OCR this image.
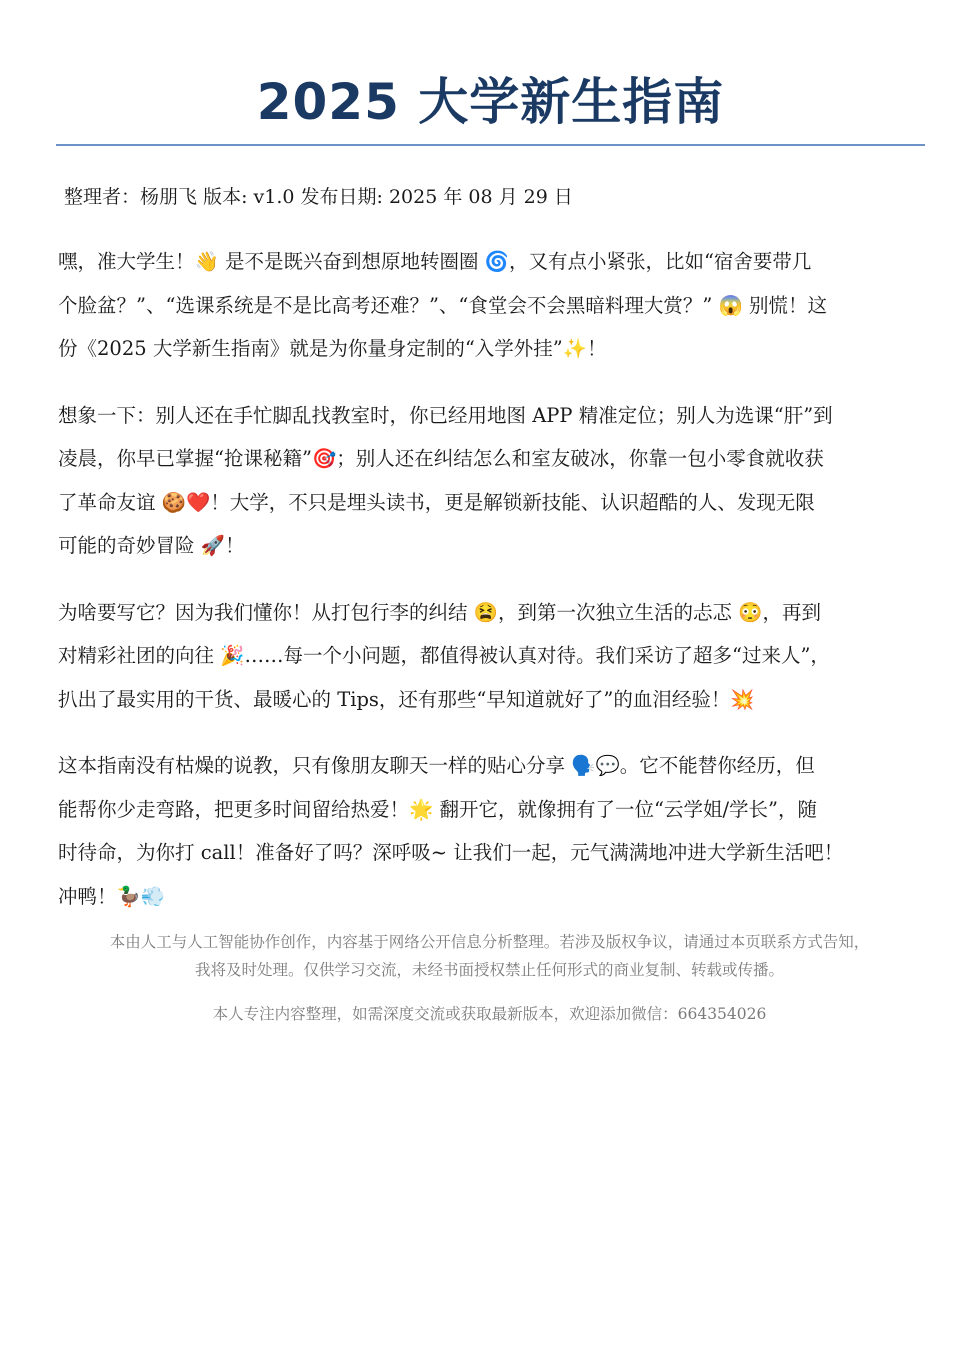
2025 大学新生指南
整理者：杨朋飞 版本: v1.0 发布日期: 2025 年 08 月 29 日

嘿，准大学生！👋 是不是既兴奋到想原地转圈圈 🌀，又有点小紧张，比如“宿舍要带几
个脸盆？”、“选课系统是不是比高考还难？”、“食堂会不会黑暗料理大赏？” 😱 别慌！这
份《2025 大学新生指南》就是为你量身定制的“入学外挂”✨！

想象一下：别人还在手忙脚乱找教室时，你已经用地图 APP 精准定位；别人为选课“肝”到
凌晨，你早已掌握“抢课秘籍”🎯；别人还在纠结怎么和室友破冰，你靠一包小零食就收获
了革命友谊 🍪❤️！大学，不只是埋头读书，更是解锁新技能、认识超酷的人、发现无限
可能的奇妙冒险 🚀！

为啥要写它？因为我们懂你！从打包行李的纠结 😫，到第一次独立生活的忐忑 😳，再到
对精彩社团的向往 🎉……每一个小问题，都值得被认真对待。我们采访了超多“过来人”，
扒出了最实用的干货、最暖心的 Tips，还有那些“早知道就好了”的血泪经验！💥

这本指南没有枯燥的说教，只有像朋友聊天一样的贴心分享 🗣️💬。它不能替你经历，但
能帮你少走弯路，把更多时间留给热爱！🌟 翻开它，就像拥有了一位“云学姐/学长”，随
时待命，为你打 call！准备好了吗？深呼吸~ 让我们一起，元气满满地冲进大学新生活吧！
冲鸭！🦆💨

本由人工与人工智能协作创作，内容基于网络公开信息分析整理。若涉及版权争议，请通过本页联系方式告知，
我将及时处理。仅供学习交流，未经书面授权禁止任何形式的商业复制、转载或传播。
本人专注内容整理，如需深度交流或获取最新版本，欢迎添加微信：664354026
